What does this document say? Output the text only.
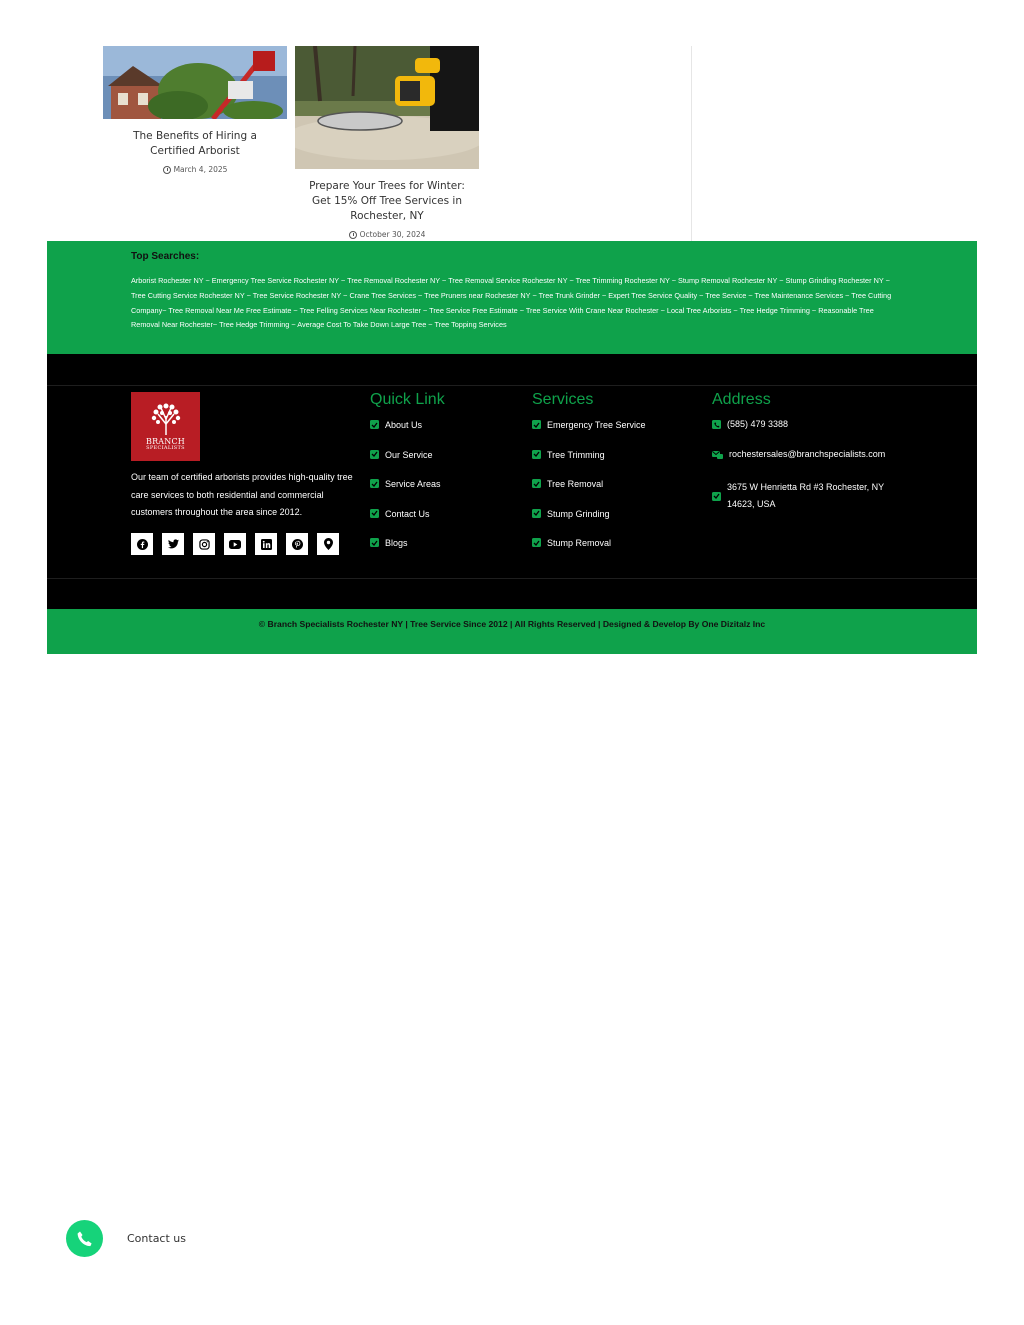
The Benefits of Hiring a Certified Arborist
March 4, 2025
Prepare Your Trees for Winter: Get 15% Off Tree Services in Rochester, NY
October 30, 2024
Top Searches:

Arborist Rochester NY ~ Emergency Tree Service Rochester NY ~ Tree Removal Rochester NY ~ Tree Removal Service Rochester NY ~ Tree Trimming Rochester NY ~ Stump Removal Rochester NY ~ Stump Grinding Rochester NY ~ Tree Cutting Service Rochester NY ~ Tree Service Rochester NY ~ Crane Tree Services ~ Tree Pruners near Rochester NY ~ Tree Trunk Grinder ~ Expert Tree Service Quality ~ Tree Service ~ Tree Maintenance Services ~ Tree Cutting Company~ Tree Removal Near Me Free Estimate ~ Tree Felling Services Near Rochester ~ Tree Service Free Estimate ~ Tree Service With Crane Near Rochester ~ Local Tree Arborists ~ Tree Hedge Trimming ~ Reasonable Tree Removal Near Rochester~ Tree Hedge Trimming ~ Average Cost To Take Down Large Tree ~ Tree Topping Services

BRANCH
SPECIALISTS

Our team of certified arborists provides high-quality tree care services to both residential and commercial customers throughout the area since 2012.

Quick Link
About Us
Our Service
Service Areas
Contact Us
Blogs
Services
Emergency Tree Service
Tree Trimming
Tree Removal
Stump Grinding
Stump Removal
Address
(585) 479 3388
rochestersales@branchspecialists.com
3675 W Henrietta Rd #3 Rochester, NY 14623, USA
© Branch Specialists Rochester NY | Tree Service Since 2012 | All Rights Reserved | Designed & Develop By One Dizitalz Inc
Contact us
